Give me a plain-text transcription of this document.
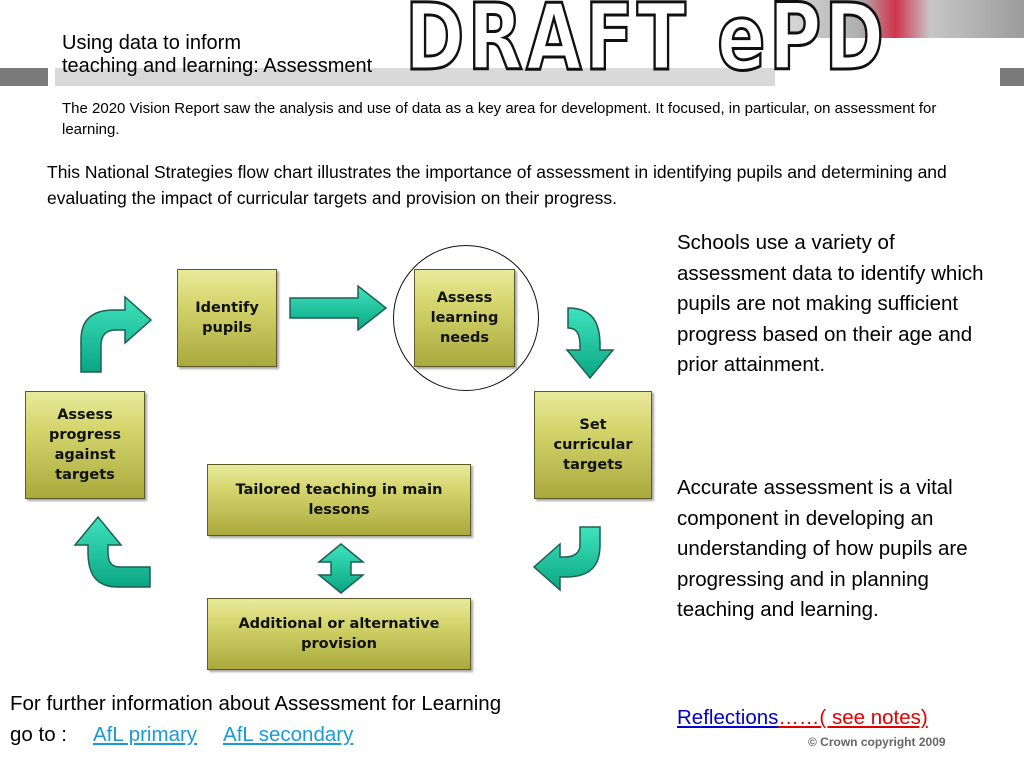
DRAFT ePD
Using data to inform
teaching and learning: Assessment
The 2020 Vision Report saw the analysis and use of data as a key area for development. It focused, in particular, on assessment for learning.
This National Strategies flow chart illustrates the importance of assessment in identifying pupils and determining and evaluating the impact of curricular targets and provision on their progress.
Identify pupils
Assess learning needs
Set curricular targets
Assess progress against targets
Tailored teaching in main lessons
Additional or alternative provision
Schools use a variety of assessment data to identify which pupils are not making sufficient progress based on their age and prior attainment.
Accurate assessment is a vital component in developing an understanding of how pupils are progressing and in planning teaching and learning.
Reflections……( see notes)
For further information about Assessment for Learning
go to : AfL primary AfL secondary	© Crown copyright 2009
